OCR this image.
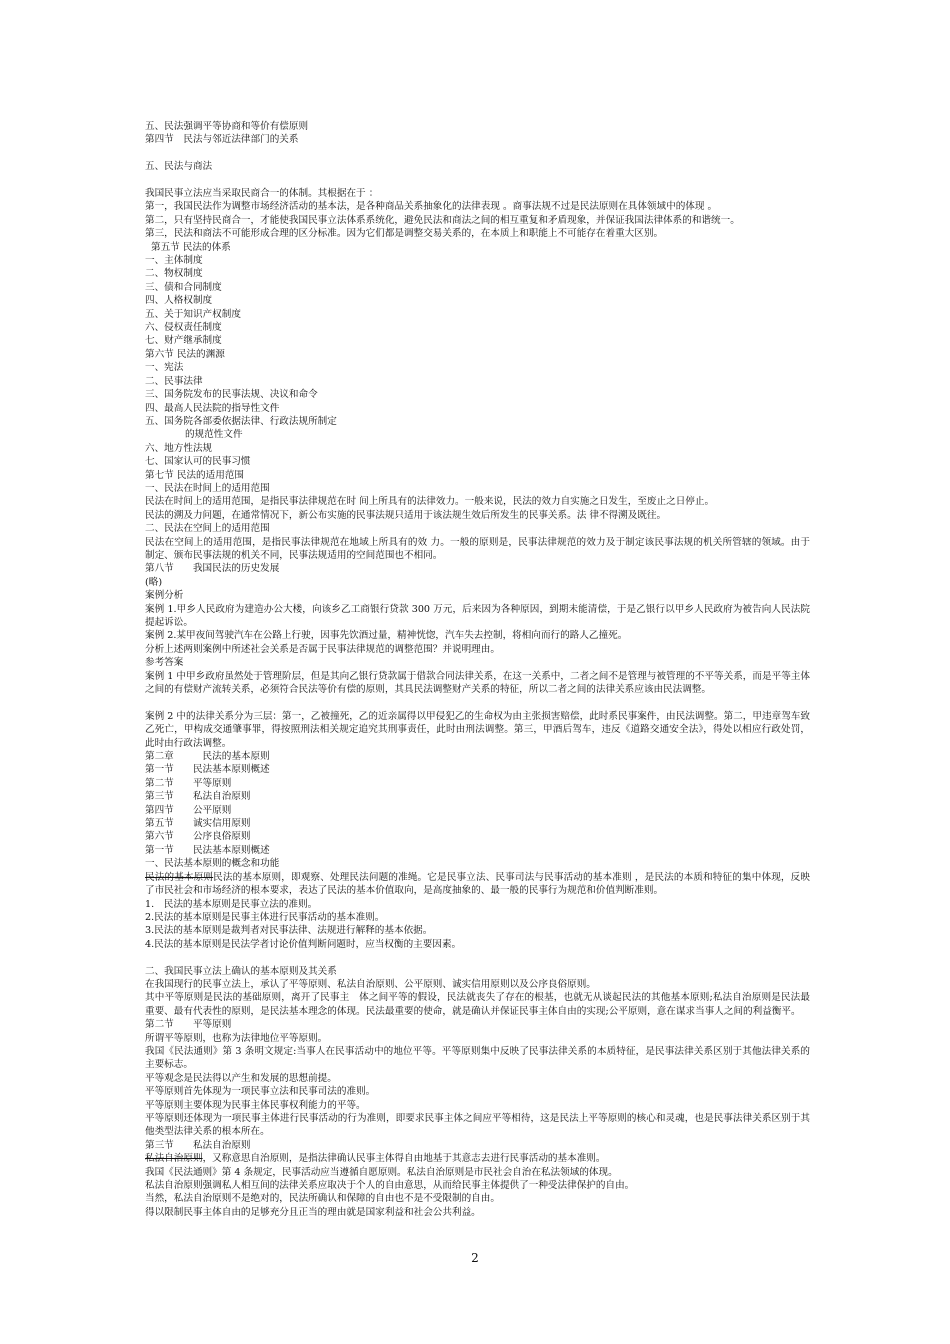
五、民法强调平等协商和等价有偿原则
第四节　民法与邻近法律部门的关系
五、民法与商法
我国民事立法应当采取民商合一的体制。其根据在于 ：
第一，我国民法作为调整市场经济活动的基本法，是各种商品关系抽象化的法律表现 。商事法规不过是民法原则在具体领域中的体现 。
第二，只有坚持民商合一，才能使我国民事立法体系系统化，避免民法和商法之间的相互重复和矛盾现象，并保证我国法律体系的和谐统一。
第三，民法和商法不可能形成合理的区分标准。因为它们都是调整交易关系的，在本质上和职能上不可能存在着重大区别。
第五节 民法的体系
一、主体制度
二、物权制度
三、债和合同制度
四、人格权制度
五、关于知识产权制度
六、侵权责任制度
七、财产继承制度
第六节 民法的渊源
一、宪法
二、民事法律
三、国务院发布的民事法规、决议和命令
四、最高人民法院的指导性文件
五、国务院各部委依据法律、行政法规所制定
的规范性文件
六、地方性法规
七、国家认可的民事习惯
第七节 民法的适用范围
一、民法在时间上的适用范围
民法在时间上的适用范围，是指民事法律规范在时 间上所具有的法律效力。一般来说，民法的效力自实施之日发生，至废止之日停止。
民法的溯及力问题，在通常情况下，新公布实施的民事法规只适用于该法规生效后所发生的民事关系。法 律不得溯及既往。
二、民法在空间上的适用范围
民法在空间上的适用范围，是指民事法律规范在地域上所具有的效 力。一般的原则是，民事法律规范的效力及于制定该民事法规的机关所管辖的领域。由于制定、颁布民事法规的机关不同，民事法规适用的空间范围也不相同。
第八节　　我国民法的历史发展
(略)
案例分析
案例 1.甲乡人民政府为建造办公大楼，向该乡乙工商银行贷款 300 万元，后来因为各种原因，到期未能清偿，于是乙银行以甲乡人民政府为被告向人民法院提起诉讼。
案例 2.某甲夜间驾驶汽车在公路上行驶，因事先饮酒过量，精神恍惚，汽车失去控制，将相向而行的路人乙撞死。
分析上述两则案例中所述社会关系是否属于民事法律规范的调整范围？并说明理由。
参考答案
案例 1 中甲乡政府虽然处于管理阶层，但是其向乙银行贷款属于借款合同法律关系，在这一关系中，二者之间不是管理与被管理的不平等关系，而是平等主体之间的有偿财产流转关系，必须符合民法等价有偿的原则，其具民法调整财产关系的特征，所以二者之间的法律关系应该由民法调整。
案例 2 中的法律关系分为三层：第一，乙被撞死，乙的近亲属得以甲侵犯乙的生命权为由主张损害赔偿，此时系民事案件，由民法调整。第二，甲违章驾车致乙死亡，甲构成交通肇事罪，得按照刑法相关规定追究其刑事责任，此时由刑法调整。第三，甲酒后驾车，违反《道路交通安全法》，得处以相应行政处罚，此时由行政法调整。
第二章　　　民法的基本原则
第一节　　民法基本原则概述
第二节　　平等原则
第三节　　私法自治原则
第四节　　公平原则
第五节　　诚实信用原则
第六节　　公序良俗原则
第一节　　民法基本原则概述
一、民法基本原则的概念和功能
民法的基本原则民法的基本原则，即观察、处理民法问题的准绳。它是民事立法、民事司法与民事活动的基本准则 ，是民法的本质和特征的集中体现，反映了市民社会和市场经济的根本要求，表达了民法的基本价值取向，是高度抽象的、最一般的民事行为规范和价值判断准则。
1.　民法的基本原则是民事立法的准则。
2.民法的基本原则是民事主体进行民事活动的基本准则。
3.民法的基本原则是裁判者对民事法律、法规进行解释的基本依据。
4.民法的基本原则是民法学者讨论价值判断问题时，应当权衡的主要因素。
二、我国民事立法上确认的基本原则及其关系
在我国现行的民事立法上，承认了平等原则、私法自治原则、公平原则、诚实信用原则以及公序良俗原则。
其中平等原则是民法的基础原则，离开了民事主　体之间平等的假设，民法就丧失了存在的根基，也就无从谈起民法的其他基本原则;私法自治原则是民法最重要、最有代表性的原则，是民法基本理念的体现。民法最重要的使命，就是确认并保证民事主体自由的实现;公平原则，意在谋求当事人之间的利益衡平。
第二节　　平等原则
所谓平等原则，也称为法律地位平等原则。
我国《民法通则》第 3 条明文规定:当事人在民事活动中的地位平等。平等原则集中反映了民事法律关系的本质特征，是民事法律关系区别于其他法律关系的主要标志。
平等观念是民法得以产生和发展的思想前提。
平等原则首先体现为一项民事立法和民事司法的准则。
平等原则主要体现为民事主体民事权利能力的平等。
平等原则还体现为一项民事主体进行民事活动的行为准则，即要求民事主体之间应平等相待，这是民法上平等原则的核心和灵魂，也是民事法律关系区别于其他类型法律关系的根本所在。
第三节　　私法自治原则
私法自治原则，又称意思自治原则，是指法律确认民事主体得自由地基于其意志去进行民事活动的基本准则。
我国《民法通则》第 4 条规定，民事活动应当遵循自愿原则。私法自治原则是市民社会自治在私法领域的体现。
私法自治原则强调私人相互间的法律关系应取决于个人的自由意思，从而给民事主体提供了一种受法律保护的自由。
当然，私法自治原则不是绝对的，民法所确认和保障的自由也不是不受限制的自由。
得以限制民事主体自由的足够充分且正当的理由就是国家利益和社会公共利益。
2
